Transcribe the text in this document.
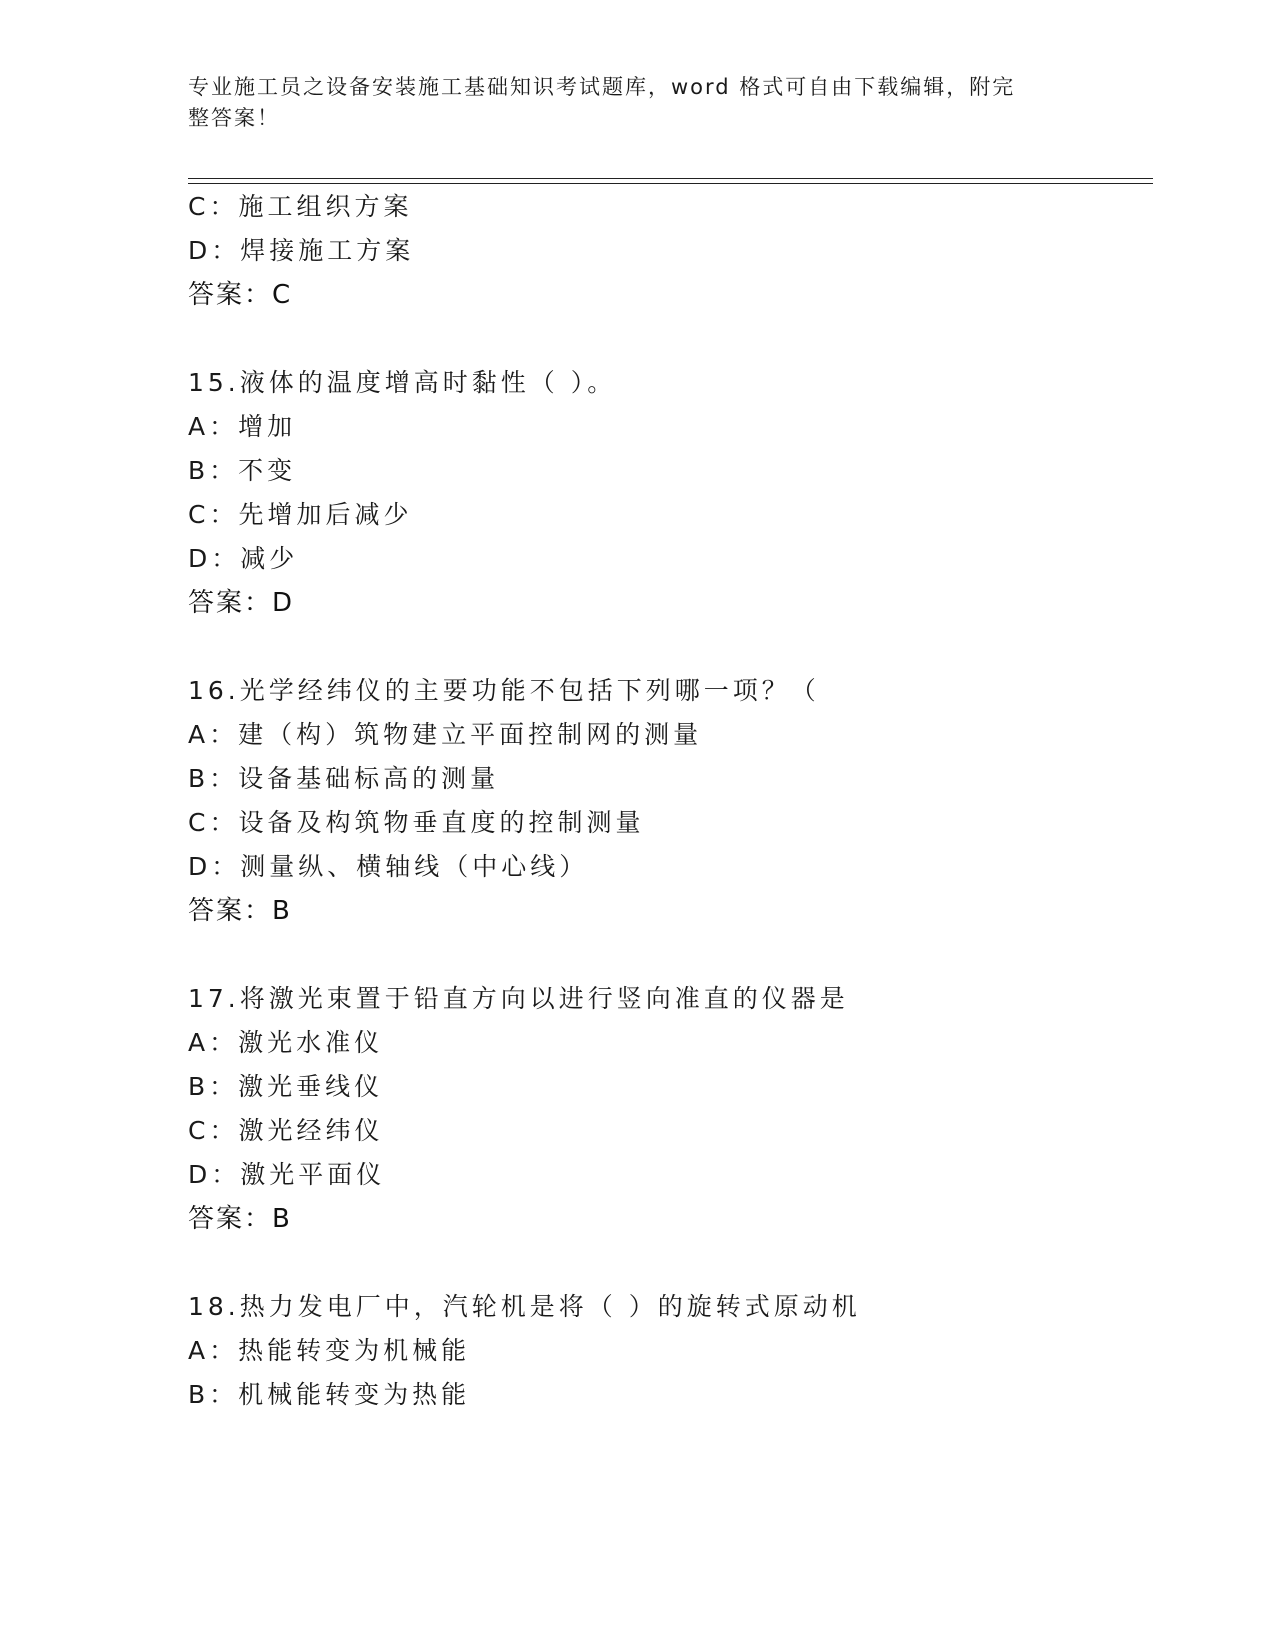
专业施工员之设备安装施工基础知识考试题库，word 格式可自由下载编辑，附完
整答案！
C：施工组织方案
D：焊接施工方案
答案：C
15.液体的温度增高时黏性（ ）。
A：增加
B：不变
C：先增加后减少
D：减少
答案：D
16.光学经纬仪的主要功能不包括下列哪一项？（
A：建（构）筑物建立平面控制网的测量
B：设备基础标高的测量
C：设备及构筑物垂直度的控制测量
D：测量纵、横轴线（中心线）
答案：B
17.将激光束置于铅直方向以进行竖向准直的仪器是
A：激光水准仪
B：激光垂线仪
C：激光经纬仪
D：激光平面仪
答案：B
18.热力发电厂中，汽轮机是将（ ）的旋转式原动机
A：热能转变为机械能
B：机械能转变为热能
